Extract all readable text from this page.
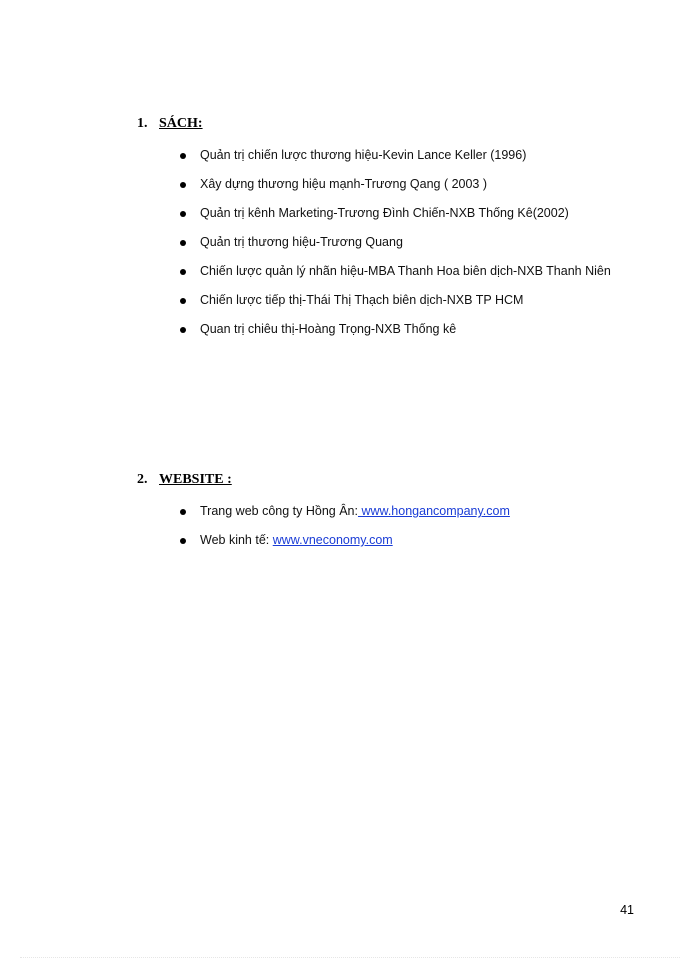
1. SÁCH:
Quản trị chiến lược thương hiệu-Kevin Lance Keller (1996)
Xây dựng thương hiệu mạnh-Trương Qang ( 2003 )
Quản trị kênh Marketing-Trương Đình Chiến-NXB Thống Kê(2002)
Quản trị thương hiệu-Trương Quang
Chiến lược quản lý nhãn hiệu-MBA Thanh Hoa biên dịch-NXB Thanh Niên
Chiến lược tiếp thị-Thái Thị Thạch biên dịch-NXB TP HCM
Quan trị chiêu thị-Hoàng Trọng-NXB Thống kê
2. WEBSITE :
Trang web công ty Hồng Ân: www.hongancompany.com
Web kinh tế: www.vneconomy.com
41
